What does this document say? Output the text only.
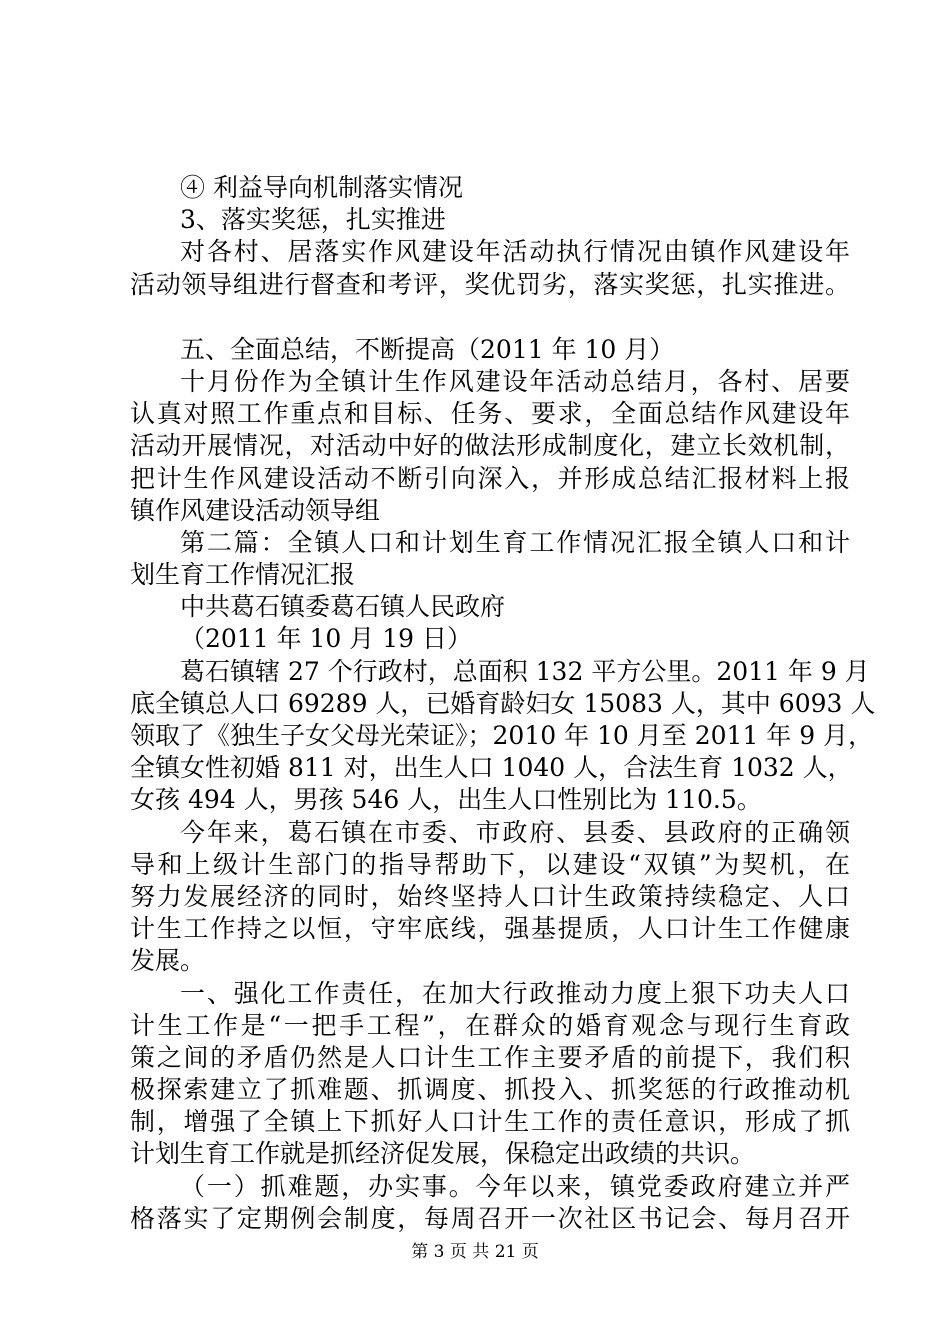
④ 利益导向机制落实情况
3、落实奖惩，扎实推进
对各村、居落实作风建设年活动执行情况由镇作风建设年
活动领导组进行督查和考评，奖优罚劣，落实奖惩，扎实推进。
五、全面总结，不断提高（2011 年 10 月）
十月份作为全镇计生作风建设年活动总结月，各村、居要
认真对照工作重点和目标、任务、要求，全面总结作风建设年
活动开展情况，对活动中好的做法形成制度化，建立长效机制，
把计生作风建设活动不断引向深入，并形成总结汇报材料上报
镇作风建设活动领导组
第二篇：全镇人口和计划生育工作情况汇报全镇人口和计
划生育工作情况汇报
中共葛石镇委葛石镇人民政府
（2011 年 10 月 19 日）
葛石镇辖 27 个行政村，总面积 132 平方公里。2011 年 9 月
底全镇总人口 69289 人，已婚育龄妇女 15083 人，其中 6093 人
领取了《独生子女父母光荣证》；2010 年 10 月至 2011 年 9 月，
全镇女性初婚 811 对，出生人口 1040 人，合法生育 1032 人，
女孩 494 人，男孩 546 人，出生人口性别比为 110.5。
今年来，葛石镇在市委、市政府、县委、县政府的正确领
导和上级计生部门的指导帮助下，以建设“双镇”为契机，在
努力发展经济的同时，始终坚持人口计生政策持续稳定、人口
计生工作持之以恒，守牢底线，强基提质，人口计生工作健康
发展。
一、强化工作责任，在加大行政推动力度上狠下功夫人口
计生工作是“一把手工程”，在群众的婚育观念与现行生育政
策之间的矛盾仍然是人口计生工作主要矛盾的前提下，我们积
极探索建立了抓难题、抓调度、抓投入、抓奖惩的行政推动机
制，增强了全镇上下抓好人口计生工作的责任意识，形成了抓
计划生育工作就是抓经济促发展，保稳定出政绩的共识。
（一）抓难题，办实事。今年以来，镇党委政府建立并严
格落实了定期例会制度，每周召开一次社区书记会、每月召开
第 3 页 共 21 页
